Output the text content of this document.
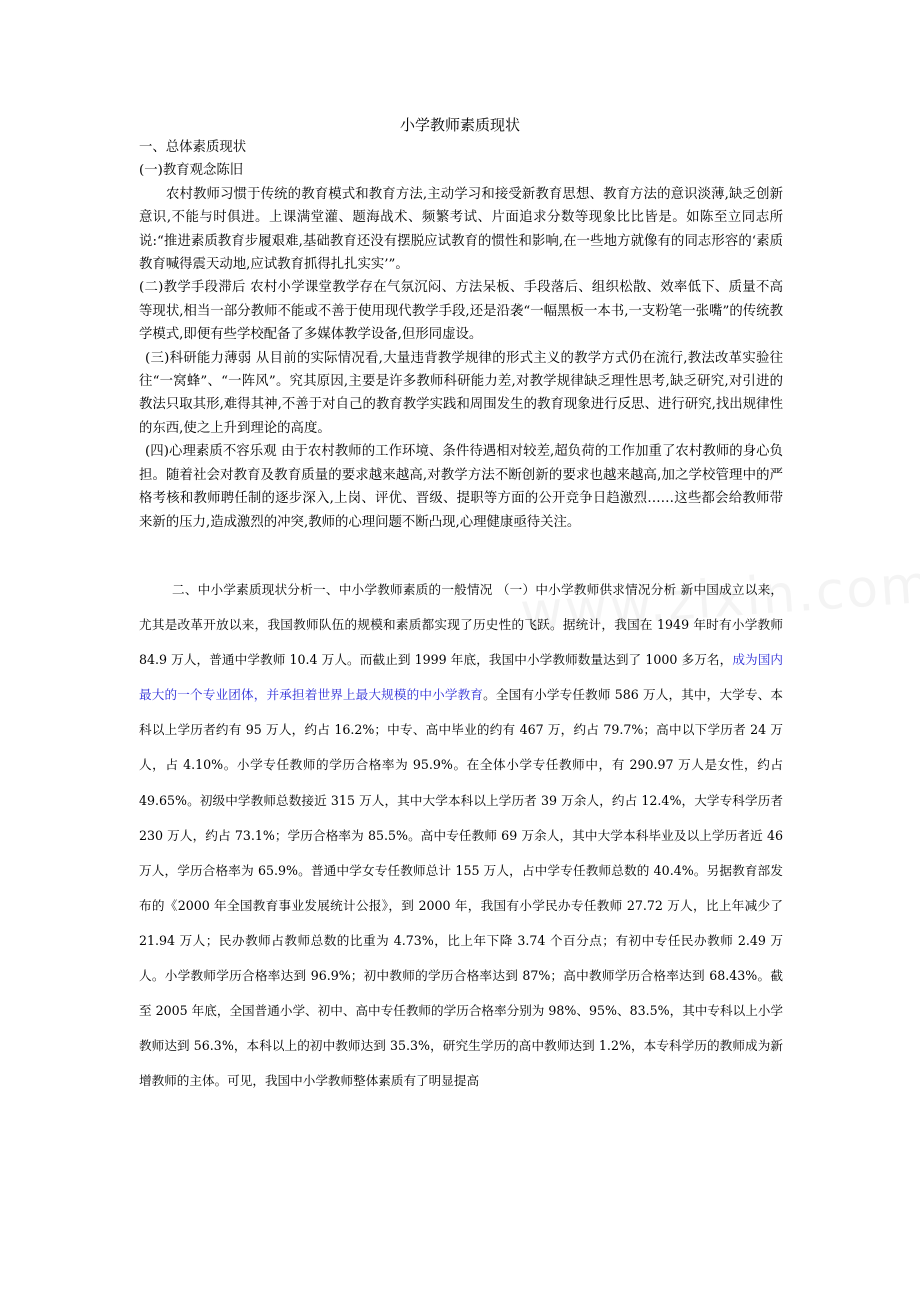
小学教师素质现状

一、总体素质现状

(一)教育观念陈旧

农村教师习惯于传统的教育模式和教育方法,主动学习和接受新教育思想、教育方法的意识淡薄,缺乏创新意识,不能与时俱进。上课满堂灌、题海战术、频繁考试、片面追求分数等现象比比皆是。如陈至立同志所说:“推进素质教育步履艰难,基础教育还没有摆脱应试教育的惯性和影响,在一些地方就像有的同志形容的‘素质教育喊得震天动地,应试教育抓得扎扎实实’”。

(二)教学手段滞后 农村小学课堂教学存在气氛沉闷、方法呆板、手段落后、组织松散、效率低下、质量不高等现状,相当一部分教师不能或不善于使用现代教学手段,还是沿袭“一幅黑板一本书,一支粉笔一张嘴”的传统教学模式,即便有些学校配备了多媒体教学设备,但形同虚设。

(三)科研能力薄弱 从目前的实际情况看,大量违背教学规律的形式主义的教学方式仍在流行,教法改革实验往往“一窝蜂”、“一阵风”。究其原因,主要是许多教师科研能力差,对教学规律缺乏理性思考,缺乏研究,对引进的教法只取其形,难得其神,不善于对自己的教育教学实践和周围发生的教育现象进行反思、进行研究,找出规律性的东西,使之上升到理论的高度。

(四)心理素质不容乐观 由于农村教师的工作环境、条件待遇相对较差,超负荷的工作加重了农村教师的身心负担。随着社会对教育及教育质量的要求越来越高,对教学方法不断创新的要求也越来越高,加之学校管理中的严格考核和教师聘任制的逐步深入,上岗、评优、晋级、提职等方面的公开竞争日趋激烈……这些都会给教师带来新的压力,造成激烈的冲突,教师的心理问题不断凸现,心理健康亟待关注。

二、中小学素质现状分析一、中小学教师素质的一般情况 （一）中小学教师供求情况分析 新中国成立以来，尤其是改革开放以来，我国教师队伍的规模和素质都实现了历史性的飞跃。据统计，我国在 1949 年时有小学教师 84.9 万人，普通中学教师 10.4 万人。而截止到 1999 年底，我国中小学教师数量达到了 1000 多万名，成为国内最大的一个专业团体，并承担着世界上最大规模的中小学教育。全国有小学专任教师 586 万人，其中，大学专、本科以上学历者约有 95 万人，约占 16.2%；中专、高中毕业的约有 467 万，约占 79.7%；高中以下学历者 24 万人，占 4.10%。小学专任教师的学历合格率为 95.9%。在全体小学专任教师中，有 290.97 万人是女性，约占 49.65%。初级中学教师总数接近 315 万人，其中大学本科以上学历者 39 万余人，约占 12.4%，大学专科学历者 230 万人，约占 73.1%；学历合格率为 85.5%。高中专任教师 69 万余人，其中大学本科毕业及以上学历者近 46 万人，学历合格率为 65.9%。普通中学女专任教师总计 155 万人，占中学专任教师总数的 40.4%。另据教育部发布的《2000 年全国教育事业发展统计公报》，到 2000 年，我国有小学民办专任教师 27.72 万人，比上年减少了 21.94 万人；民办教师占教师总数的比重为 4.73%，比上年下降 3.74 个百分点；有初中专任民办教师 2.49 万人。小学教师学历合格率达到 96.9%；初中教师的学历合格率达到 87%；高中教师学历合格率达到 68.43%。截至 2005 年底，全国普通小学、初中、高中专任教师的学历合格率分别为 98%、95%、83.5%，其中专科以上小学教师达到 56.3%，本科以上的初中教师达到 35.3%，研究生学历的高中教师达到 1.2%，本专科学历的教师成为新增教师的主体。可见，我国中小学教师整体素质有了明显提高
